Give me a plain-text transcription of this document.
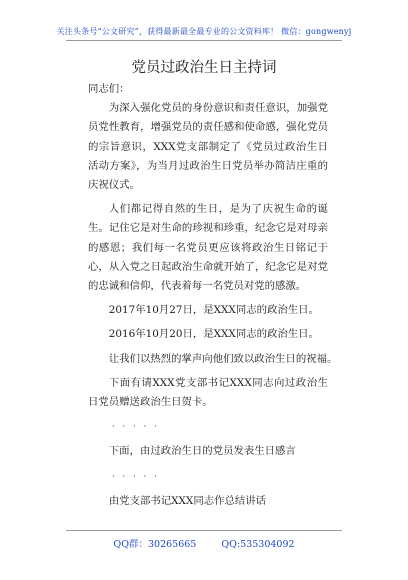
关注头条号“公文研究”，获得最新最全最专业的公文资料库！ 微信：gongwenyj
党员过政治生日主持词

同志们：

为深入强化党员的身份意识和责任意识，加强党员党性教育，增强党员的责任感和使命感，强化党员的宗旨意识，XXX党支部制定了《党员过政治生日活动方案》，为当月过政治生日党员举办简洁庄重的庆祝仪式。

人们都记得自然的生日，是为了庆祝生命的诞生。记住它是对生命的珍视和珍重，纪念它是对母亲的感恩；我们每一名党员更应该将政治生日铭记于心，从入党之日起政治生命就开始了，纪念它是对党的忠诚和信仰，代表着每一名党员对党的感激。

2017年10月27日，是XXX同志的政治生日。

2016年10月20日，是XXX同志的政治生日。

让我们以热烈的掌声向他们致以政治生日的祝福。

下面有请XXX党支部书记XXX同志向过政治生日党员赠送政治生日贺卡。

·····

下面，由过政治生日的党员发表生日感言

·····

由党支部书记XXX同志作总结讲话

QQ群：30265665	QQ:535304092
